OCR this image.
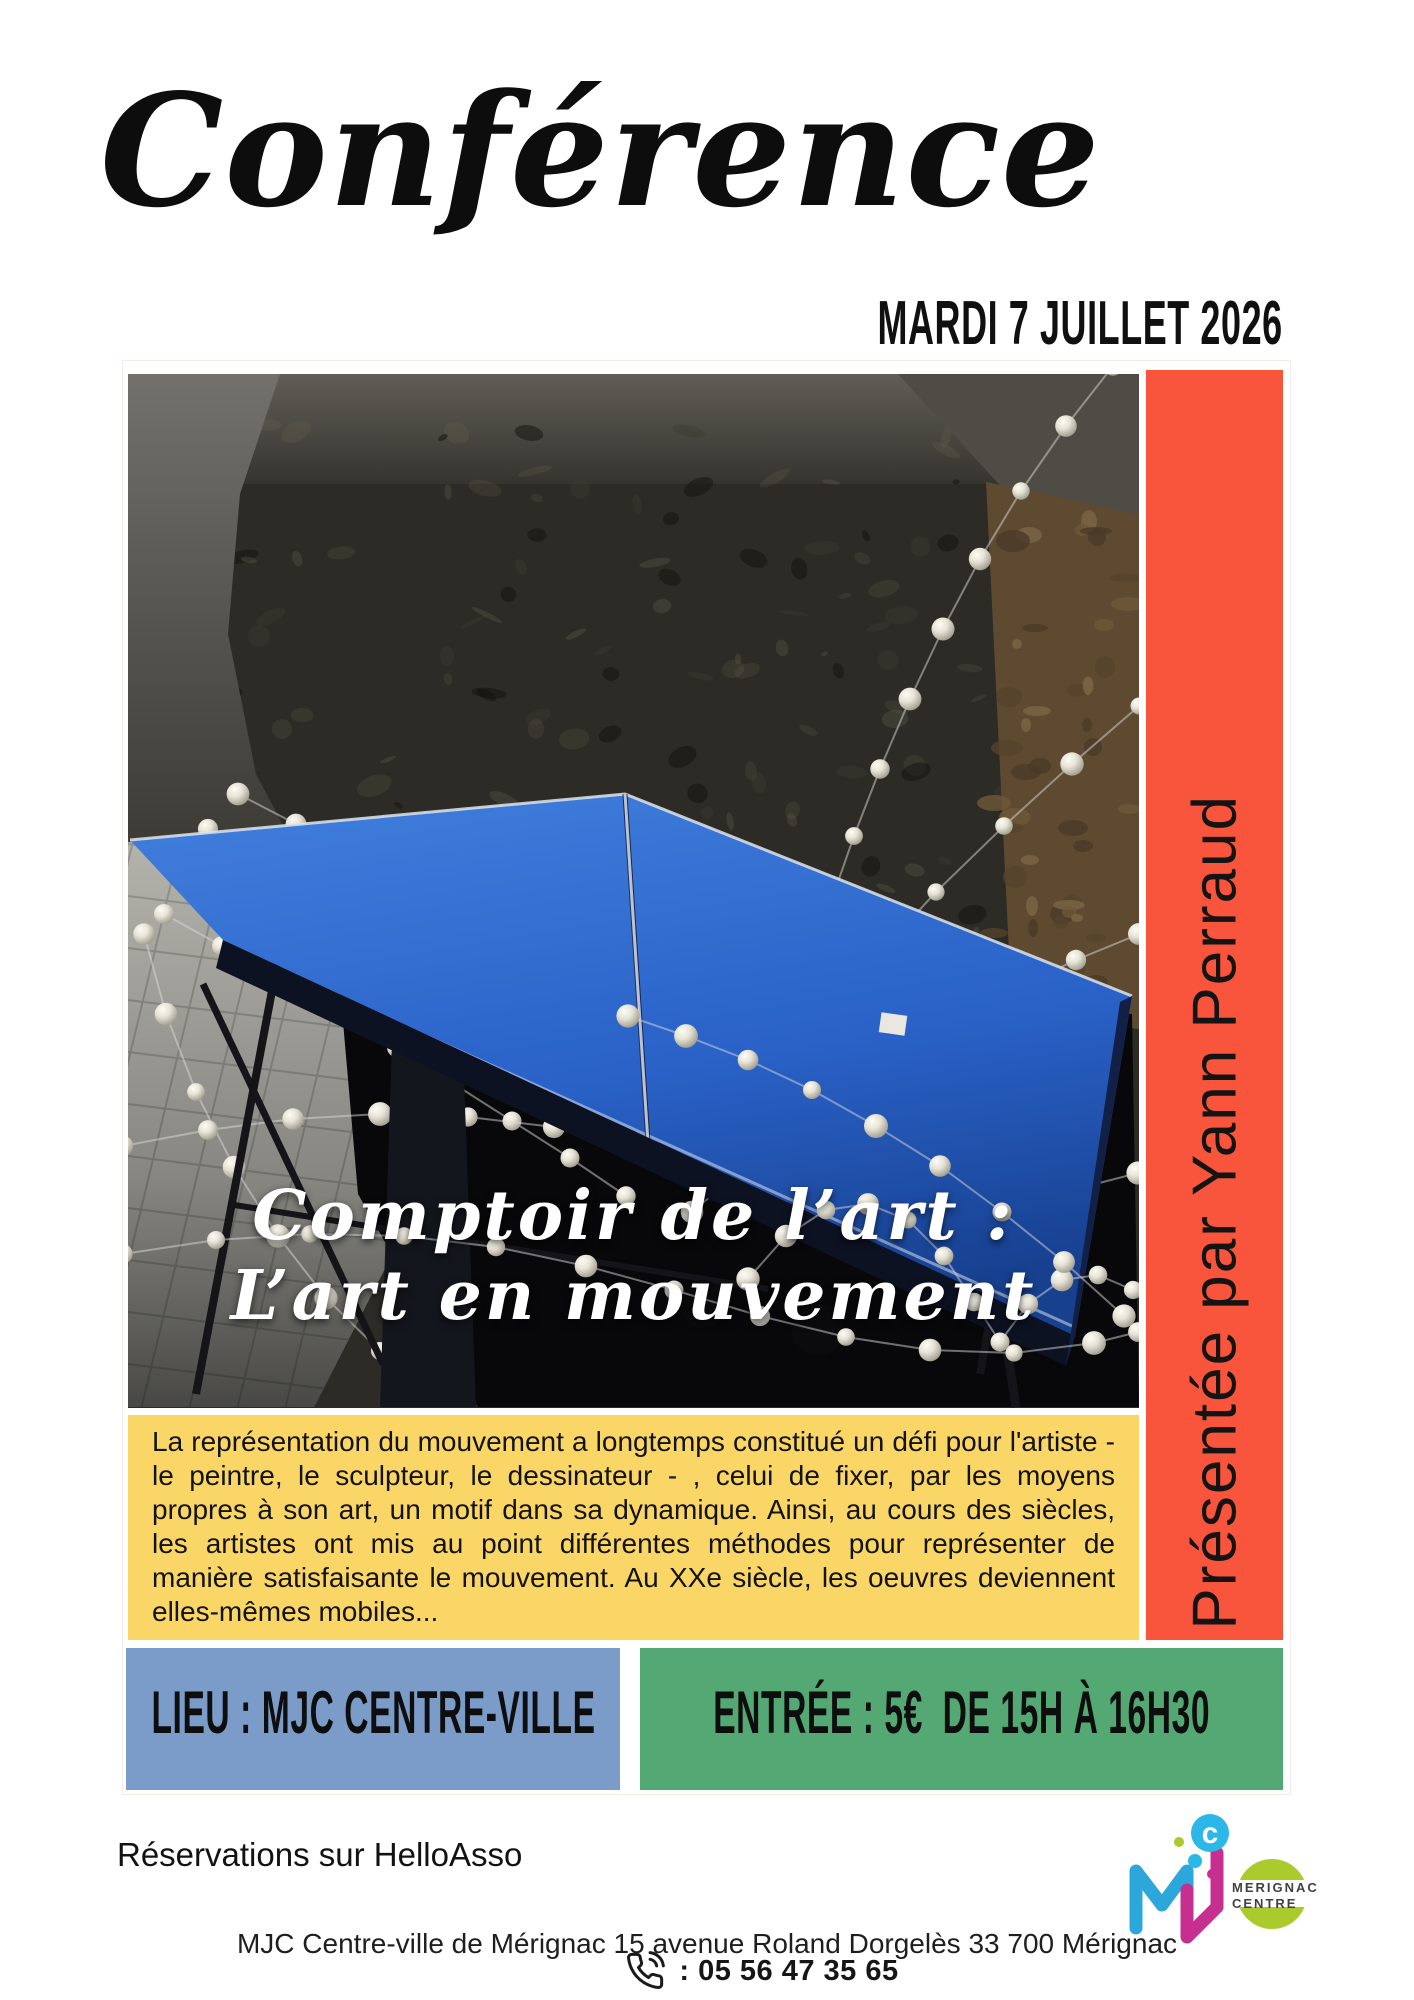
Conférence
MARDI 7 JUILLET 2026
Comptoir de l’art :
L’art en mouvement	Présentée par Yann Perraud

La représentation du mouvement a longtemps constitué un défi pour l'artiste - le peintre, le sculpteur, le dessinateur - , celui de fixer, par les moyens propres à son art, un motif dans sa dynamique. Ainsi, au cours des siècles, les artistes ont mis au point différentes méthodes pour représenter de manière satisfaisante le mouvement. Au XXe siècle, les oeuvres deviennent elles-mêmes mobiles...

LIEU : MJC CENTRE-VILLE ENTRÉE : 5€  DE 15H À 16H30
Réservations sur HelloAsso
c
MERIGNAC
CENTRE
MJC Centre-ville de Mérignac 15 avenue Roland Dorgelès 33 700 Mérignac
: 05 56 47 35 65
